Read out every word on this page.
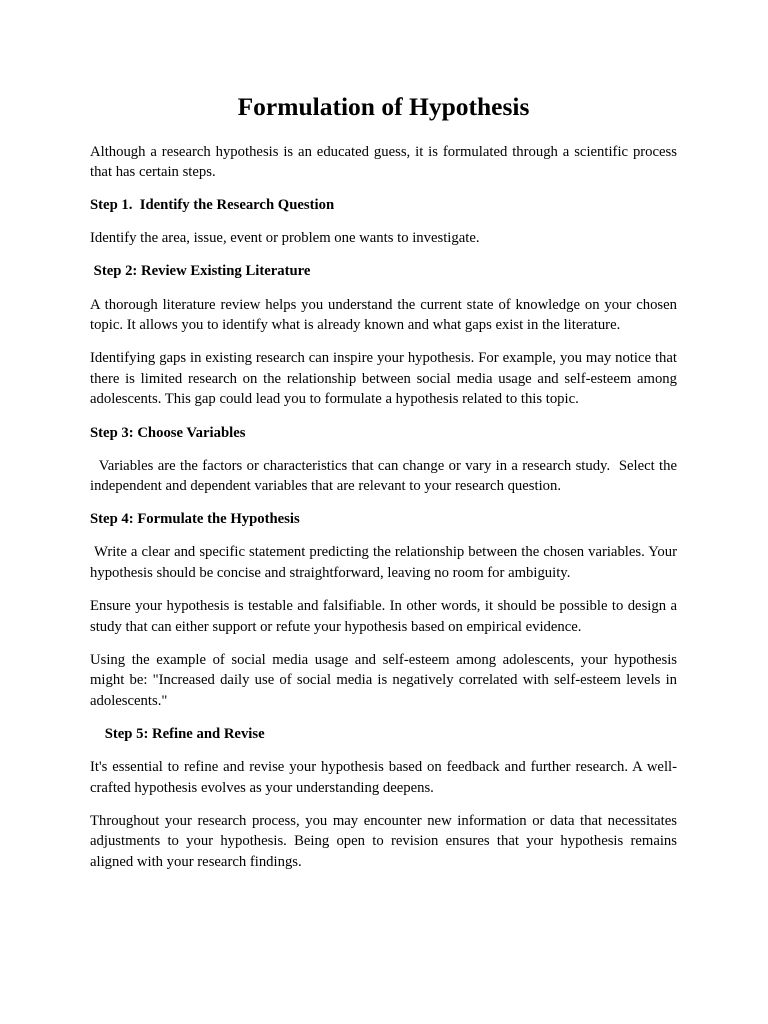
Formulation of Hypothesis

Although a research hypothesis is an educated guess, it is formulated through a scientific process that has certain steps.

Step 1.  Identify the Research Question

Identify the area, issue, event or problem one wants to investigate.

Step 2: Review Existing Literature

A thorough literature review helps you understand the current state of knowledge on your chosen topic. It allows you to identify what is already known and what gaps exist in the literature.

Identifying gaps in existing research can inspire your hypothesis. For example, you may notice that there is limited research on the relationship between social media usage and self-esteem among adolescents. This gap could lead you to formulate a hypothesis related to this topic.

Step 3: Choose Variables

Variables are the factors or characteristics that can change or vary in a research study.  Select the independent and dependent variables that are relevant to your research question.

Step 4: Formulate the Hypothesis

Write a clear and specific statement predicting the relationship between the chosen variables. Your hypothesis should be concise and straightforward, leaving no room for ambiguity.

Ensure your hypothesis is testable and falsifiable. In other words, it should be possible to design a study that can either support or refute your hypothesis based on empirical evidence.

Using the example of social media usage and self-esteem among adolescents, your hypothesis might be: "Increased daily use of social media is negatively correlated with self-esteem levels in adolescents."

Step 5: Refine and Revise

It's essential to refine and revise your hypothesis based on feedback and further research. A well-crafted hypothesis evolves as your understanding deepens.

Throughout your research process, you may encounter new information or data that necessitates adjustments to your hypothesis. Being open to revision ensures that your hypothesis remains aligned with your research findings.
